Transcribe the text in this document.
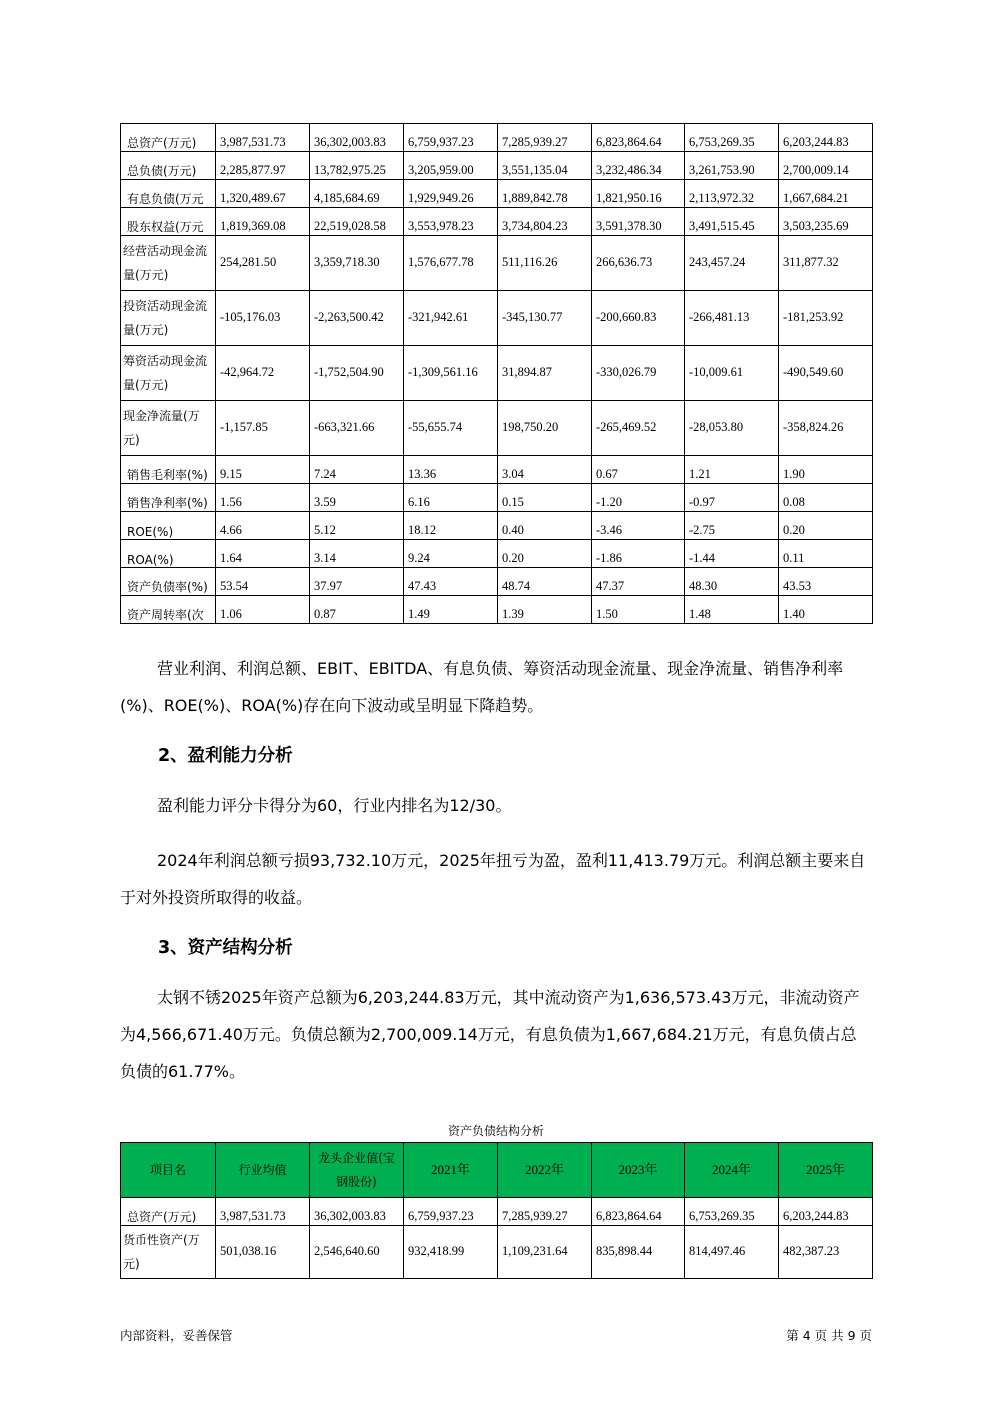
总资产(万元)	3,987,531.73	36,302,003.83	6,759,937.23	7,285,939.27	6,823,864.64	6,753,269.35	6,203,244.83
总负债(万元)	2,285,877.97	13,782,975.25	3,205,959.00	3,551,135.04	3,232,486.34	3,261,753.90	2,700,009.14
有息负债(万元	1,320,489.67	4,185,684.69	1,929,949.26	1,889,842.78	1,821,950.16	2,113,972.32	1,667,684.21
股东权益(万元	1,819,369.08	22,519,028.58	3,553,978.23	3,734,804.23	3,591,378.30	3,491,515.45	3,503,235.69
经营活动现金流量(万元)	254,281.50	3,359,718.30	1,576,677.78	511,116.26	266,636.73	243,457.24	311,877.32
投资活动现金流量(万元)	-105,176.03	-2,263,500.42	-321,942.61	-345,130.77	-200,660.83	-266,481.13	-181,253.92
筹资活动现金流量(万元)	-42,964.72	-1,752,504.90	-1,309,561.16	31,894.87	-330,026.79	-10,009.61	-490,549.60
现金净流量(万元)	-1,157.85	-663,321.66	-55,655.74	198,750.20	-265,469.52	-28,053.80	-358,824.26
销售毛利率(%)	9.15	7.24	13.36	3.04	0.67	1.21	1.90
销售净利率(%)	1.56	3.59	6.16	0.15	-1.20	-0.97	0.08
ROE(%)	4.66	5.12	18.12	0.40	-3.46	-2.75	0.20
ROA(%)	1.64	3.14	9.24	0.20	-1.86	-1.44	0.11
资产负债率(%)	53.54	37.97	47.43	48.74	47.37	48.30	43.53
资产周转率(次	1.06	0.87	1.49	1.39	1.50	1.48	1.40

营业利润、利润总额、EBIT、EBITDA、有息负债、筹资活动现金流量、现金净流量、销售净利率(%)、ROE(%)、ROA(%)存在向下波动或呈明显下降趋势。

2、盈利能力分析

盈利能力评分卡得分为60，行业内排名为12/30。

2024年利润总额亏损93,732.10万元，2025年扭亏为盈，盈利11,413.79万元。利润总额主要来自于对外投资所取得的收益。

3、资产结构分析

太钢不锈2025年资产总额为6,203,244.83万元，其中流动资产为1,636,573.43万元，非流动资产为4,566,671.40万元。负债总额为2,700,009.14万元，有息负债为1,667,684.21万元，有息负债占总负债的61.77%。

资产负债结构分析
项目名	行业均值	龙头企业值(宝钢股份)	2021年	2022年	2023年	2024年	2025年
总资产(万元)	3,987,531.73	36,302,003.83	6,759,937.23	7,285,939.27	6,823,864.64	6,753,269.35	6,203,244.83
货币性资产(万元)	501,038.16	2,546,640.60	932,418.99	1,109,231.64	835,898.44	814,497.46	482,387.23
内部资料，妥善保管	第 4 页 共 9 页
